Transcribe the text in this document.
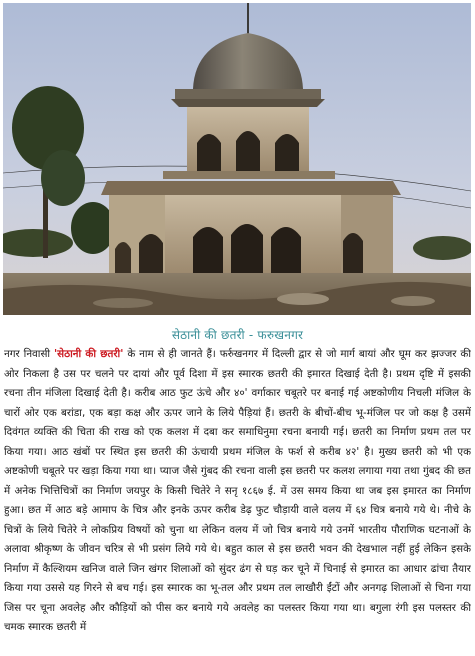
सेठानी की छतरी - फरुखनगर
नगर निवासी 'सेठानी की छतरी' के नाम से ही जानते हैं। फर्रुखनगर में दिल्ली द्वार से जो मार्ग बायां और घूम कर झज्जर की ओर निकला है उस पर चलने पर दायां और पूर्व दिशा में इस स्मारक छतरी की इमारत दिखाई देती है। प्रथम दृष्टि में इसकी रचना तीन मंजिला दिखाई देती है। करीब आठ फुट ऊंचे और ४०' वर्गाकार चबूतरे पर बनाई गई अष्टकोणीय निचली मंजिल के चारों ओर एक बरांडा, एक बड़ा कक्ष और ऊपर जाने के लिये पैड़ियां हैं। छतरी के बीचों-बीच भू-मंजिल पर जो कक्ष है उसमें दिवंगत व्यक्ति की चिता की राख को एक कलश में दबा कर समाधिनुमा रचना बनायी गई। छतरी का निर्माण प्रथम तल पर किया गया। आठ खंबों पर स्थित इस छतरी की ऊंचायी प्रथम मंजिल के फर्श से करीब ४२' है। मुख्य छतरी को भी एक अष्टकोणी चबूतरे पर खड़ा किया गया था। प्याज जैसे गुंबद की रचना वाली इस छतरी पर कलश लगाया गया तथा गुंबद की छत में अनेक भित्तिचित्रों का निर्माण जयपुर के किसी चितेरे ने सनृ १८६७ ई. में उस समय किया था जब इस इमारत का निर्माण हुआ। छत में आठ बड़े आमाप के चित्र और इनके ऊपर करीब डेढ़ फुट चौड़ायी वाले वलय में ६४ चित्र बनाये गये थे। नीचे के चित्रों के लिये चितेरे ने लोकप्रिय विषयों को चुना था लेकिन वलय में जो चित्र बनाये गये उनमें भारतीय पौराणिक घटनाओं के अलावा श्रीकृष्ण के जीवन चरित्र से भी प्रसंग लिये गये थे। बहुत काल से इस छतरी भवन की देखभाल नहीं हुई लेकिन इसके निर्माण में कैल्शियम खनिज वाले जिन खंगर शिलाओं को सुंदर ढंग से घड़ कर चूने में चिनाई से इमारत का आधार ढांचा तैयार किया गया उससे यह गिरने से बच गई। इस स्मारक का भू-तल और प्रथम तल लाखौरी ईंटों और अनगढ़ शिलाओं से चिना गया जिस पर चूना अवलेह और कौड़ियों को पीस कर बनाये गये अवलेह का पलस्तर किया गया था। बगुला रंगी इस पलस्तर की चमक स्मारक छतरी में
